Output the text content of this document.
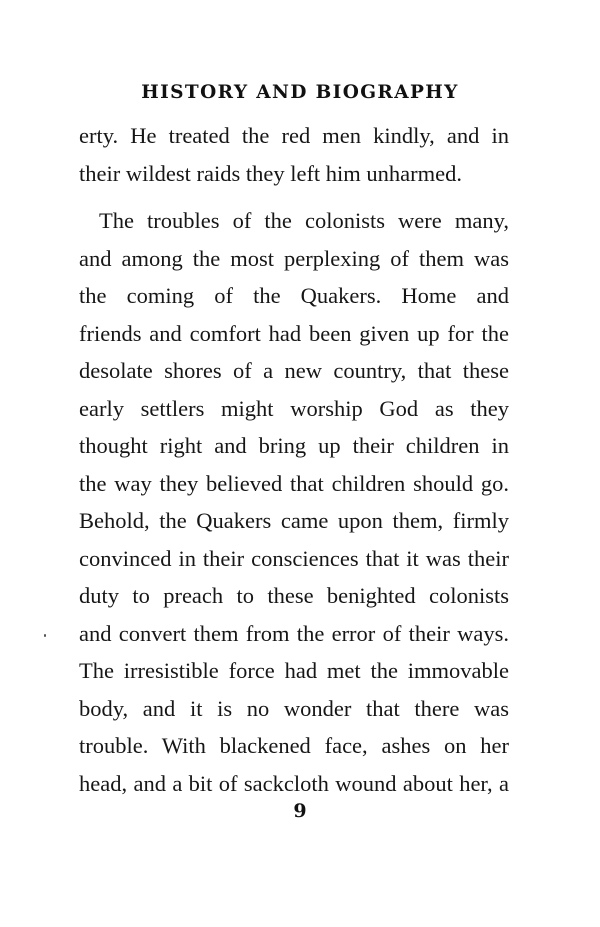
HISTORY AND BIOGRAPHY
erty. He treated the red men kindly, and in
their wildest raids they left him unharmed.
The troubles of the colonists were many,
and among the most perplexing of them was
the coming of the Quakers. Home and
friends and comfort had been given up for the
desolate shores of a new country, that these
early settlers might worship God as they
thought right and bring up their children in
the way they believed that children should go.
Behold, the Quakers came upon them, firmly
convinced in their consciences that it was their
duty to preach to these benighted colonists
and convert them from the error of their ways.
The irresistible force had met the immovable
body, and it is no wonder that there was
trouble. With blackened face, ashes on her
head, and a bit of sackcloth wound about her, a
9
